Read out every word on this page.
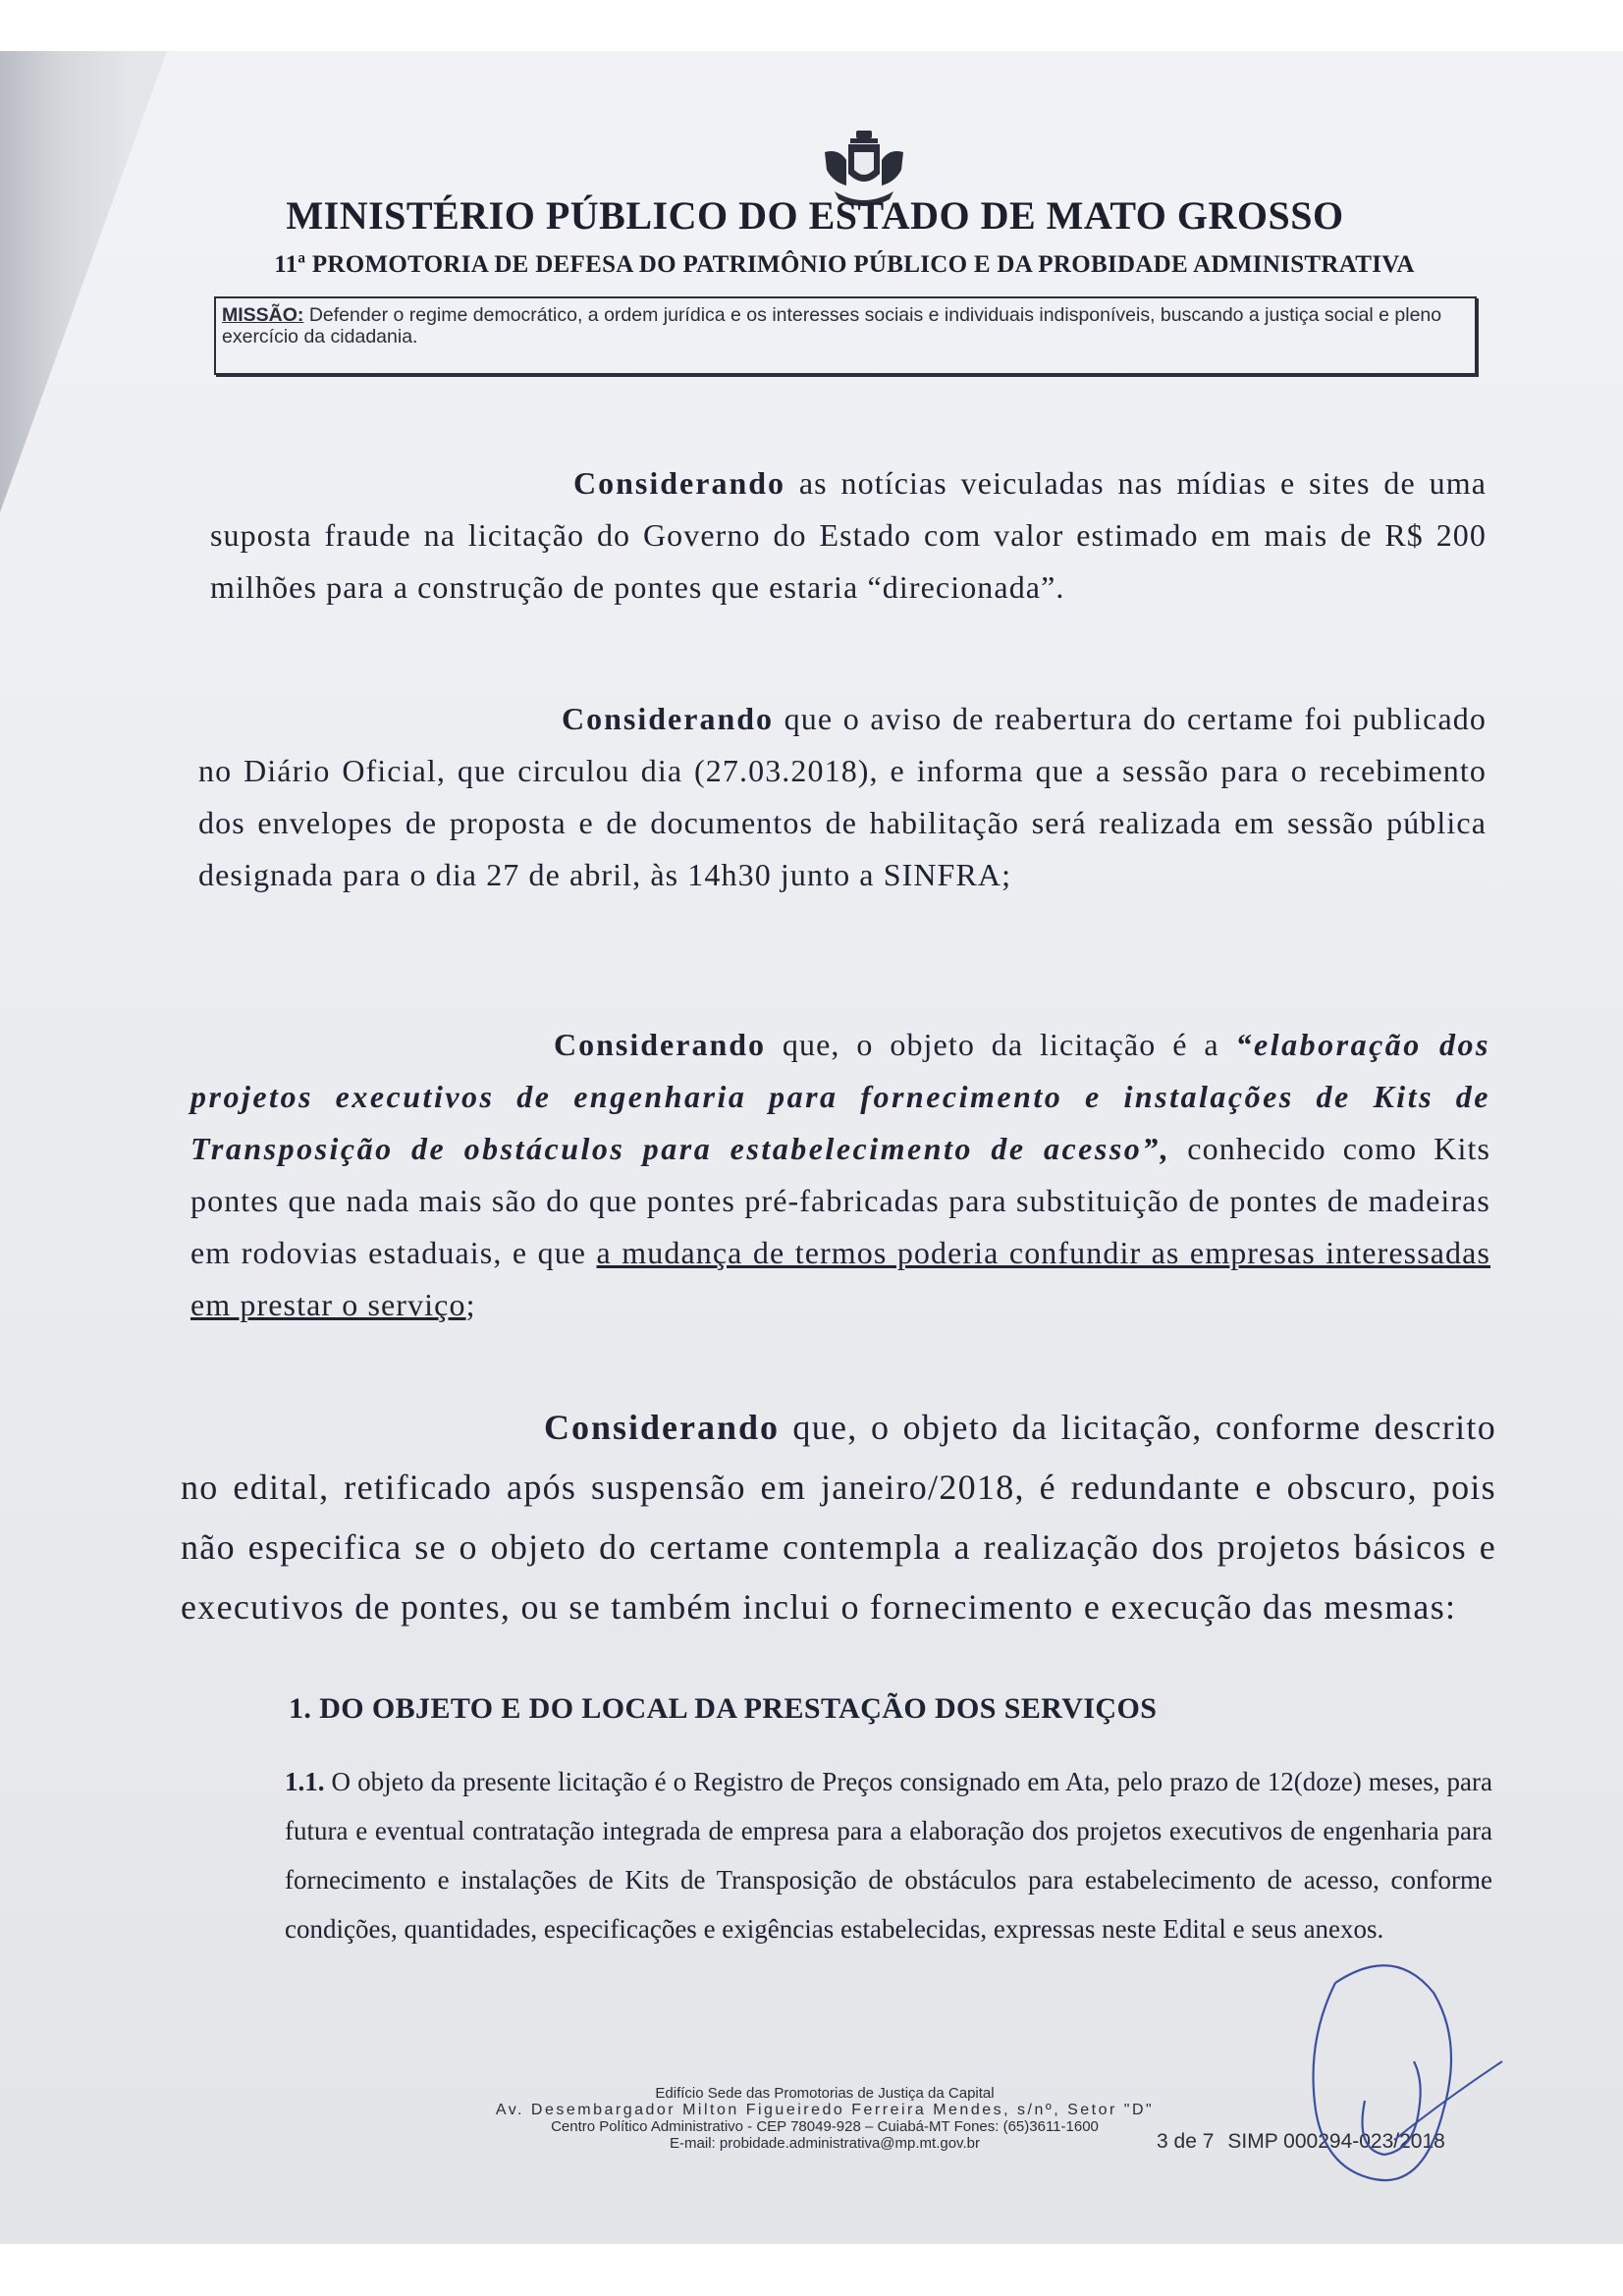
MINISTÉRIO PÚBLICO DO ESTADO DE MATO GROSSO
11ª PROMOTORIA DE DEFESA DO PATRIMÔNIO PÚBLICO E DA PROBIDADE ADMINISTRATIVA
MISSÃO: Defender o regime democrático, a ordem jurídica e os interesses sociais e individuais indisponíveis, buscando a justiça social e pleno exercício da cidadania.
Considerando as notícias veiculadas nas mídias e sites de uma suposta fraude na licitação do Governo do Estado com valor estimado em mais de R$ 200 milhões para a construção de pontes que estaria “direcionada”.
Considerando que o aviso de reabertura do certame foi publicado no Diário Oficial, que circulou dia (27.03.2018), e informa que a sessão para o recebimento dos envelopes de proposta e de documentos de habilitação será realizada em sessão pública designada para o dia 27 de abril, às 14h30 junto a SINFRA;
Considerando que, o objeto da licitação é a “elaboração dos projetos executivos de engenharia para fornecimento e instalações de Kits de Transposição de obstáculos para estabelecimento de acesso”, conhecido como Kits pontes que nada mais são do que pontes pré-fabricadas para substituição de pontes de madeiras em rodovias estaduais, e que a mudança de termos poderia confundir as empresas interessadas em prestar o serviço;
Considerando que, o objeto da licitação, conforme descrito no edital, retificado após suspensão em janeiro/2018, é redundante e obscuro, pois não especifica se o objeto do certame contempla a realização dos projetos básicos e executivos de pontes, ou se também inclui o fornecimento e execução das mesmas:
1. DO OBJETO E DO LOCAL DA PRESTAÇÃO DOS SERVIÇOS
1.1. O objeto da presente licitação é o Registro de Preços consignado em Ata, pelo prazo de 12(doze) meses, para futura e eventual contratação integrada de empresa para a elaboração dos projetos executivos de engenharia para fornecimento e instalações de Kits de Transposição de obstáculos para estabelecimento de acesso, conforme condições, quantidades, especificações e exigências estabelecidas, expressas neste Edital e seus anexos.
Edifício Sede das Promotorias de Justiça da Capital
Av. Desembargador Milton Figueiredo Ferreira Mendes, s/nº, Setor "D"
Centro Político Administrativo - CEP 78049-928 – Cuiabá-MT Fones: (65)3611-1600
E-mail: probidade.administrativa@mp.mt.gov.br	3 de 7 SIMP 000294-023/2018
